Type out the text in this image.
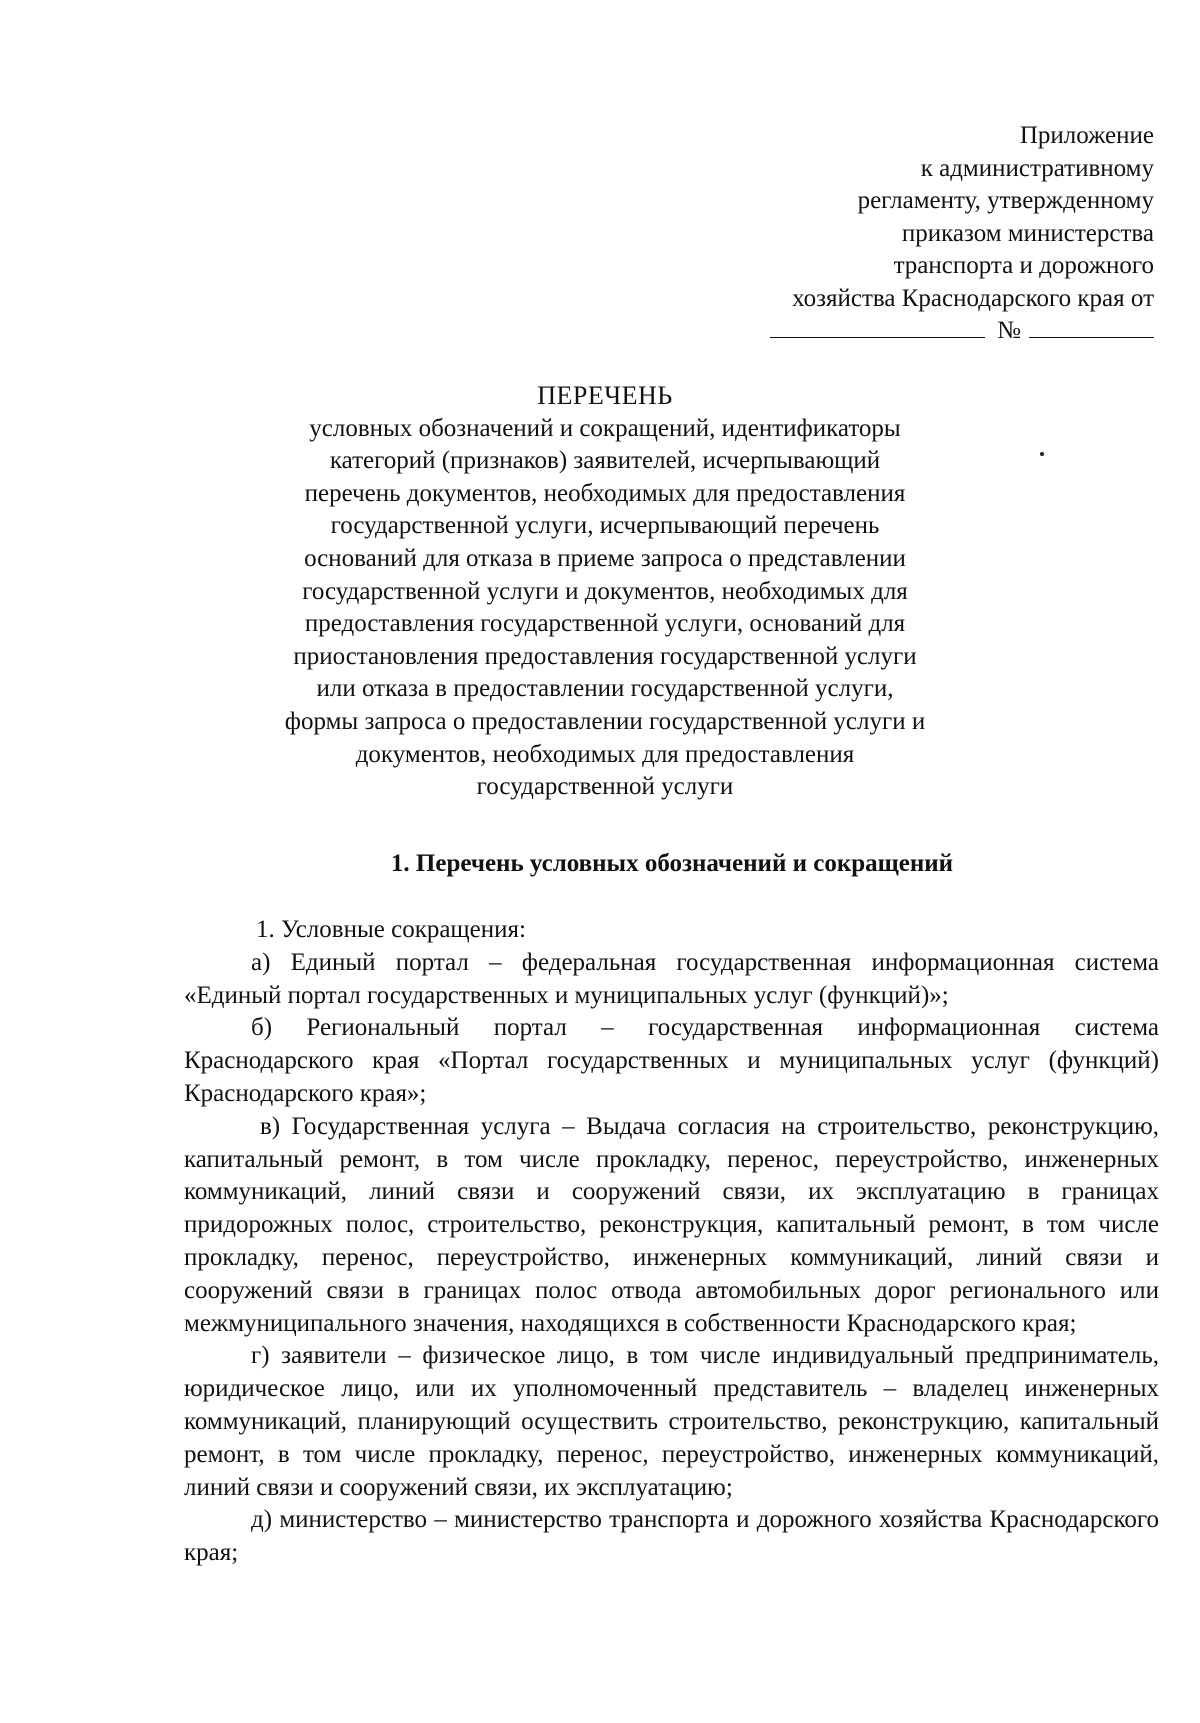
Приложение
к административному
регламенту, утвержденному
приказом министерства
транспорта и дорожного
хозяйства Краснодарского края от
№
ПЕРЕЧЕНЬ
условных обозначений и сокращений, идентификаторы
категорий (признаков) заявителей, исчерпывающий
перечень документов, необходимых для предоставления
государственной услуги, исчерпывающий перечень
оснований для отказа в приеме запроса о представлении
государственной услуги и документов, необходимых для
предоставления государственной услуги, оснований для
приостановления предоставления государственной услуги
или отказа в предоставлении государственной услуги,
формы запроса о предоставлении государственной услуги и
документов, необходимых для предоставления
государственной услуги
1. Перечень условных обозначений и сокращений

1. Условные сокращения:

а) Единый портал – федеральная государственная информационная система «Единый портал государственных и муниципальных услуг (функций)»;

б) Региональный портал – государственная информационная система Краснодарского края «Портал государственных и муниципальных услуг (функций) Краснодарского края»;

в) Государственная услуга – Выдача согласия на строительство, реконструкцию, капитальный ремонт, в том числе прокладку, перенос, переустройство, инженерных коммуникаций, линий связи и сооружений связи, их эксплуатацию в границах придорожных полос, строительство, реконструкция, капитальный ремонт, в том числе прокладку, перенос, переустройство, инженерных коммуникаций, линий связи и сооружений связи в границах полос отвода автомобильных дорог регионального или межмуниципального значения, находящихся в собственности Краснодарского края;

г) заявители – физическое лицо, в том числе индивидуальный предприниматель, юридическое лицо, или их уполномоченный представитель – владелец инженерных коммуникаций, планирующий осуществить строительство, реконструкцию, капитальный ремонт, в том числе прокладку, перенос, переустройство, инженерных коммуникаций, линий связи и сооружений связи, их эксплуатацию;

д) министерство – министерство транспорта и дорожного хозяйства Краснодарского края;
